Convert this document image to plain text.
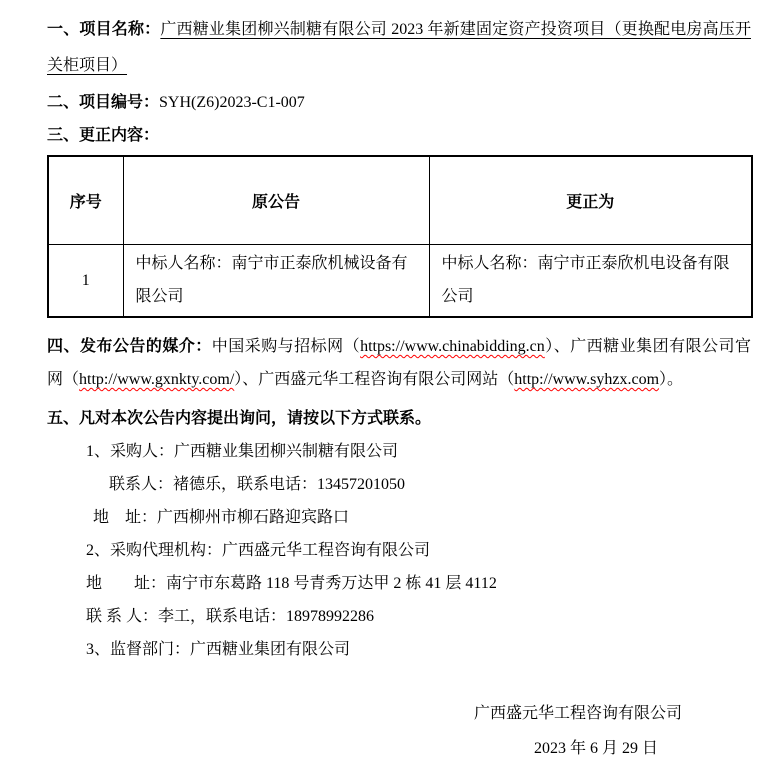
一、项目名称：广西糖业集团柳兴制糖有限公司 2023 年新建固定资产投资项目（更换配电房高压开关柜项目）

二、项目编号：SYH(Z6)2023-C1-007

三、更正内容：

序号	原公告	更正为
1	中标人名称：南宁市正泰欣机械设备有限公司	中标人名称：南宁市正泰欣机电设备有限公司

四、发布公告的媒介：中国采购与招标网（https://www.chinabidding.cn）、广西糖业集团有限公司官网（http://www.gxnkty.com/）、广西盛元华工程咨询有限公司网站（http://www.syhzx.com）。

五、凡对本次公告内容提出询问，请按以下方式联系。

1、采购人：广西糖业集团柳兴制糖有限公司
联系人：褚德乐，联系电话：13457201050
地　址：广西柳州市柳石路迎宾路口
2、采购代理机构：广西盛元华工程咨询有限公司
地　　址：南宁市东葛路 118 号青秀万达甲 2 栋 41 层 4112
联 系 人：李工，联系电话：18978992286
3、监督部门：广西糖业集团有限公司
广西盛元华工程咨询有限公司
2023 年 6 月 29 日
